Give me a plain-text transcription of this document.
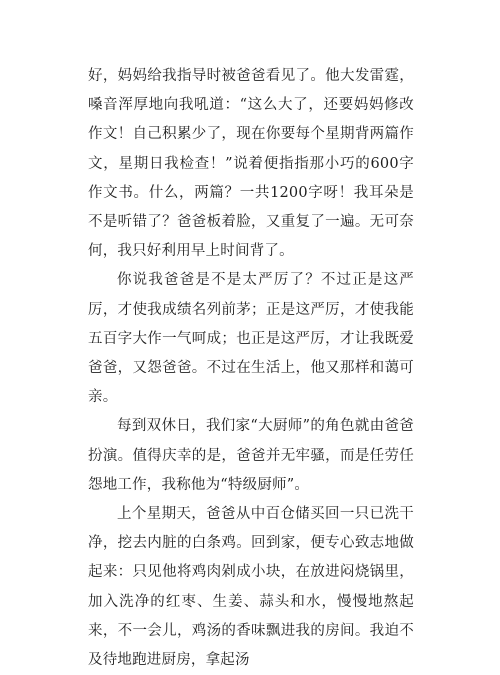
好，妈妈给我指导时被爸爸看见了。他大发雷霆，嗓音浑厚地向我吼道：“这么大了，还要妈妈修改作文！自己积累少了，现在你要每个星期背两篇作文，星期日我检查！”说着便指指那小巧的600字作文书。什么，两篇？一共1200字呀！我耳朵是不是听错了？爸爸板着脸，又重复了一遍。无可奈何，我只好利用早上时间背了。

你说我爸爸是不是太严厉了？不过正是这严厉，才使我成绩名列前茅；正是这严厉，才使我能五百字大作一气呵成；也正是这严厉，才让我既爱爸爸，又怨爸爸。不过在生活上，他又那样和蔼可亲。

每到双休日，我们家“大厨师”的角色就由爸爸扮演。值得庆幸的是，爸爸并无牢骚，而是任劳任怨地工作，我称他为“特级厨师”。

上个星期天，爸爸从中百仓储买回一只已洗干净，挖去内脏的白条鸡。回到家，便专心致志地做起来：只见他将鸡肉剁成小块，在放进闷烧锅里，加入洗净的红枣、生姜、蒜头和水，慢慢地熬起来，不一会儿，鸡汤的香味飘进我的房间。我迫不及待地跑进厨房，拿起汤
